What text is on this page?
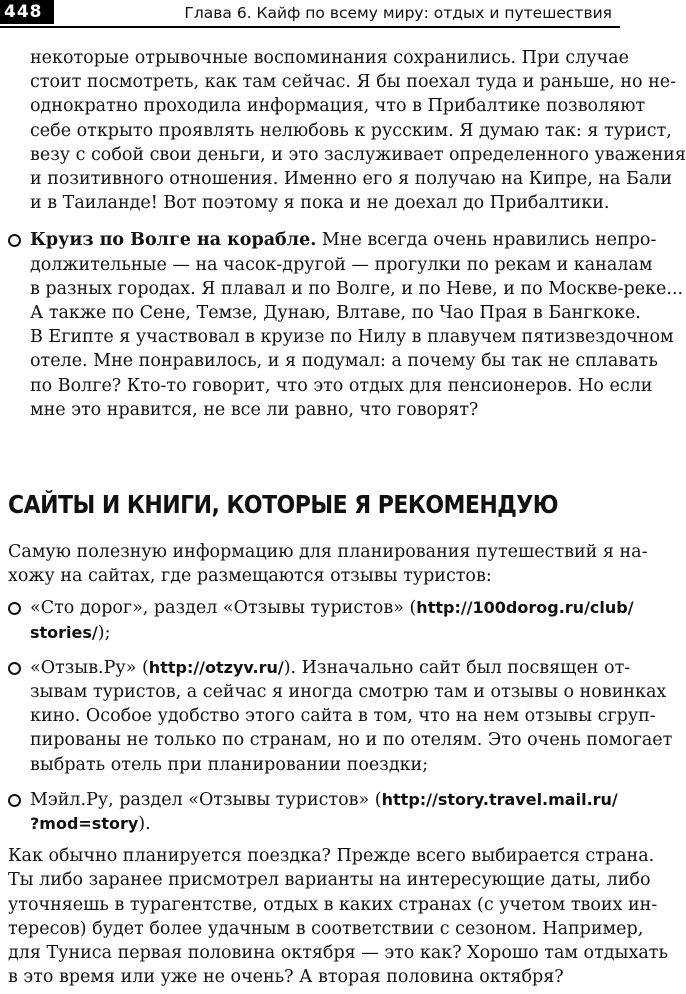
448	Глава 6. Кайф по всему миру: отдых и путешествия
некоторые отрывочные воспоминания сохранились. При случае
стоит посмотреть, как там сейчас. Я бы поехал туда и раньше, но не-
однократно проходила информация, что в Прибалтике позволяют
себе открыто проявлять нелюбовь к русским. Я думаю так: я турист,
везу с собой свои деньги, и это заслуживает определенного уважения
и позитивного отношения. Именно его я получаю на Кипре, на Бали
и в Таиланде! Вот поэтому я пока и не доехал до Прибалтики.
Круиз по Волге на корабле. Мне всегда очень нравились непро-
должительные — на часок-другой — прогулки по рекам и каналам
в разных городах. Я плавал и по Волге, и по Неве, и по Москве-реке...
А также по Сене, Темзе, Дунаю, Влтаве, по Чао Прая в Бангкоке.
В Египте я участвовал в круизе по Нилу в плавучем пятизвездочном
отеле. Мне понравилось, и я подумал: а почему бы так не сплавать
по Волге? Кто-то говорит, что это отдых для пенсионеров. Но если
мне это нравится, не все ли равно, что говорят?
САЙТЫ И КНИГИ, КОТОРЫЕ Я РЕКОМЕНДУЮ
Самую полезную информацию для планирования путешествий я на-
хожу на сайтах, где размещаются отзывы туристов:
«Сто дорог», раздел «Отзывы туристов» (http://100dorog.ru/club/
stories/);
«Отзыв.Ру» (http://otzyv.ru/). Изначально сайт был посвящен от-
зывам туристов, а сейчас я иногда смотрю там и отзывы о новинках
кино. Особое удобство этого сайта в том, что на нем отзывы сгруп-
пированы не только по странам, но и по отелям. Это очень помогает
выбрать отель при планировании поездки;
Мэйл.Ру, раздел «Отзывы туристов» (http://story.travel.mail.ru/
?mod=story).
Как обычно планируется поездка? Прежде всего выбирается страна.
Ты либо заранее присмотрел варианты на интересующие даты, либо
уточняешь в турагентстве, отдых в каких странах (с учетом твоих ин-
тересов) будет более удачным в соответствии с сезоном. Например,
для Туниса первая половина октября — это как? Хорошо там отдыхать
в это время или уже не очень? А вторая половина октября?
